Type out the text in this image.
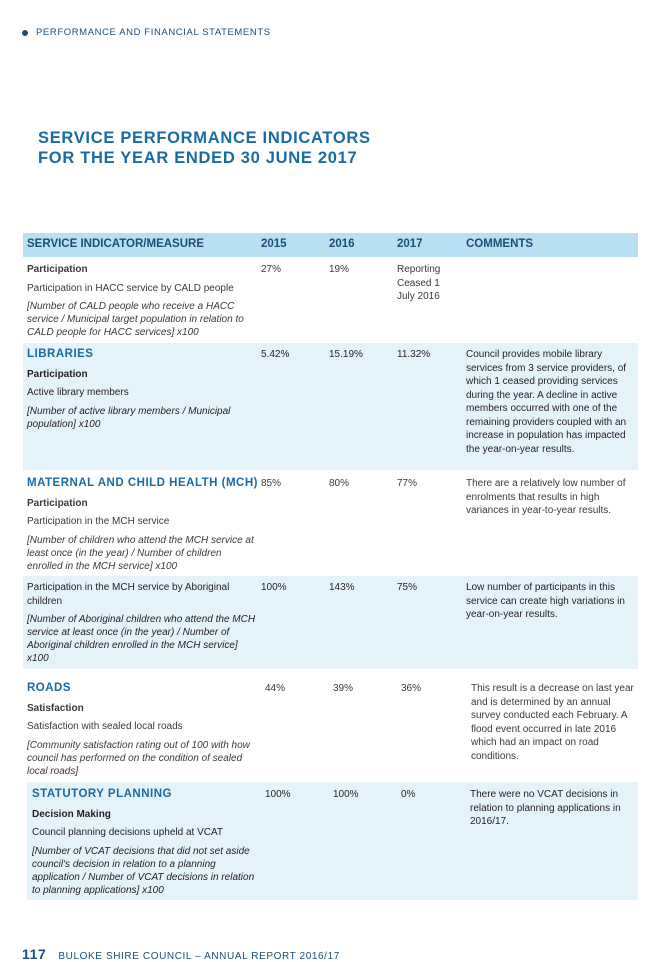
PERFORMANCE AND FINANCIAL STATEMENTS
SERVICE PERFORMANCE INDICATORS
FOR THE YEAR ENDED 30 JUNE 2017
SERVICE INDICATOR/MEASURE	2015	2016	2017	COMMENTS
Participation
Participation in HACC service by CALD people
[Number of CALD people who receive a HACC service / Municipal target population in relation to CALD people for HACC services] x100
27%	19%	Reporting Ceased 1 July 2016
LIBRARIES
Participation
Active library members
[Number of active library members / Municipal population] x100
5.42%	15.19%	11.32%	Council provides mobile library services from 3 service providers, of which 1 ceased providing services during the year. A decline in active members occurred with one of the remaining providers coupled with an increase in population has impacted the year-on-year results.
MATERNAL AND CHILD HEALTH (MCH)
Participation
Participation in the MCH service
[Number of children who attend the MCH service at least once (in the year) / Number of children enrolled in the MCH service] x100
85%	80%	77%	There are a relatively low number of enrolments that results in high variances in year-to-year results.
Participation in the MCH service by Aboriginal children
[Number of Aboriginal children who attend the MCH service at least once (in the year) / Number of Aboriginal children enrolled in the MCH service] x100
100%	143%	75%	Low number of participants in this service can create high variations in year-on-year results.
ROADS
Satisfaction
Satisfaction with sealed local roads
[Community satisfaction rating out of 100 with how council has performed on the condition of sealed local roads]
44%	39%	36%	This result is a decrease on last year and is determined by an annual survey conducted each February. A flood event occurred in late 2016 which had an impact on road conditions.
STATUTORY PLANNING
Decision Making
Council planning decisions upheld at VCAT
[Number of VCAT decisions that did not set aside council's decision in relation to a planning application / Number of VCAT decisions in relation to planning applications] x100
100%	100%	0%	There were no VCAT decisions in relation to planning applications in 2016/17.
117 BULOKE SHIRE COUNCIL – ANNUAL REPORT 2016/17
